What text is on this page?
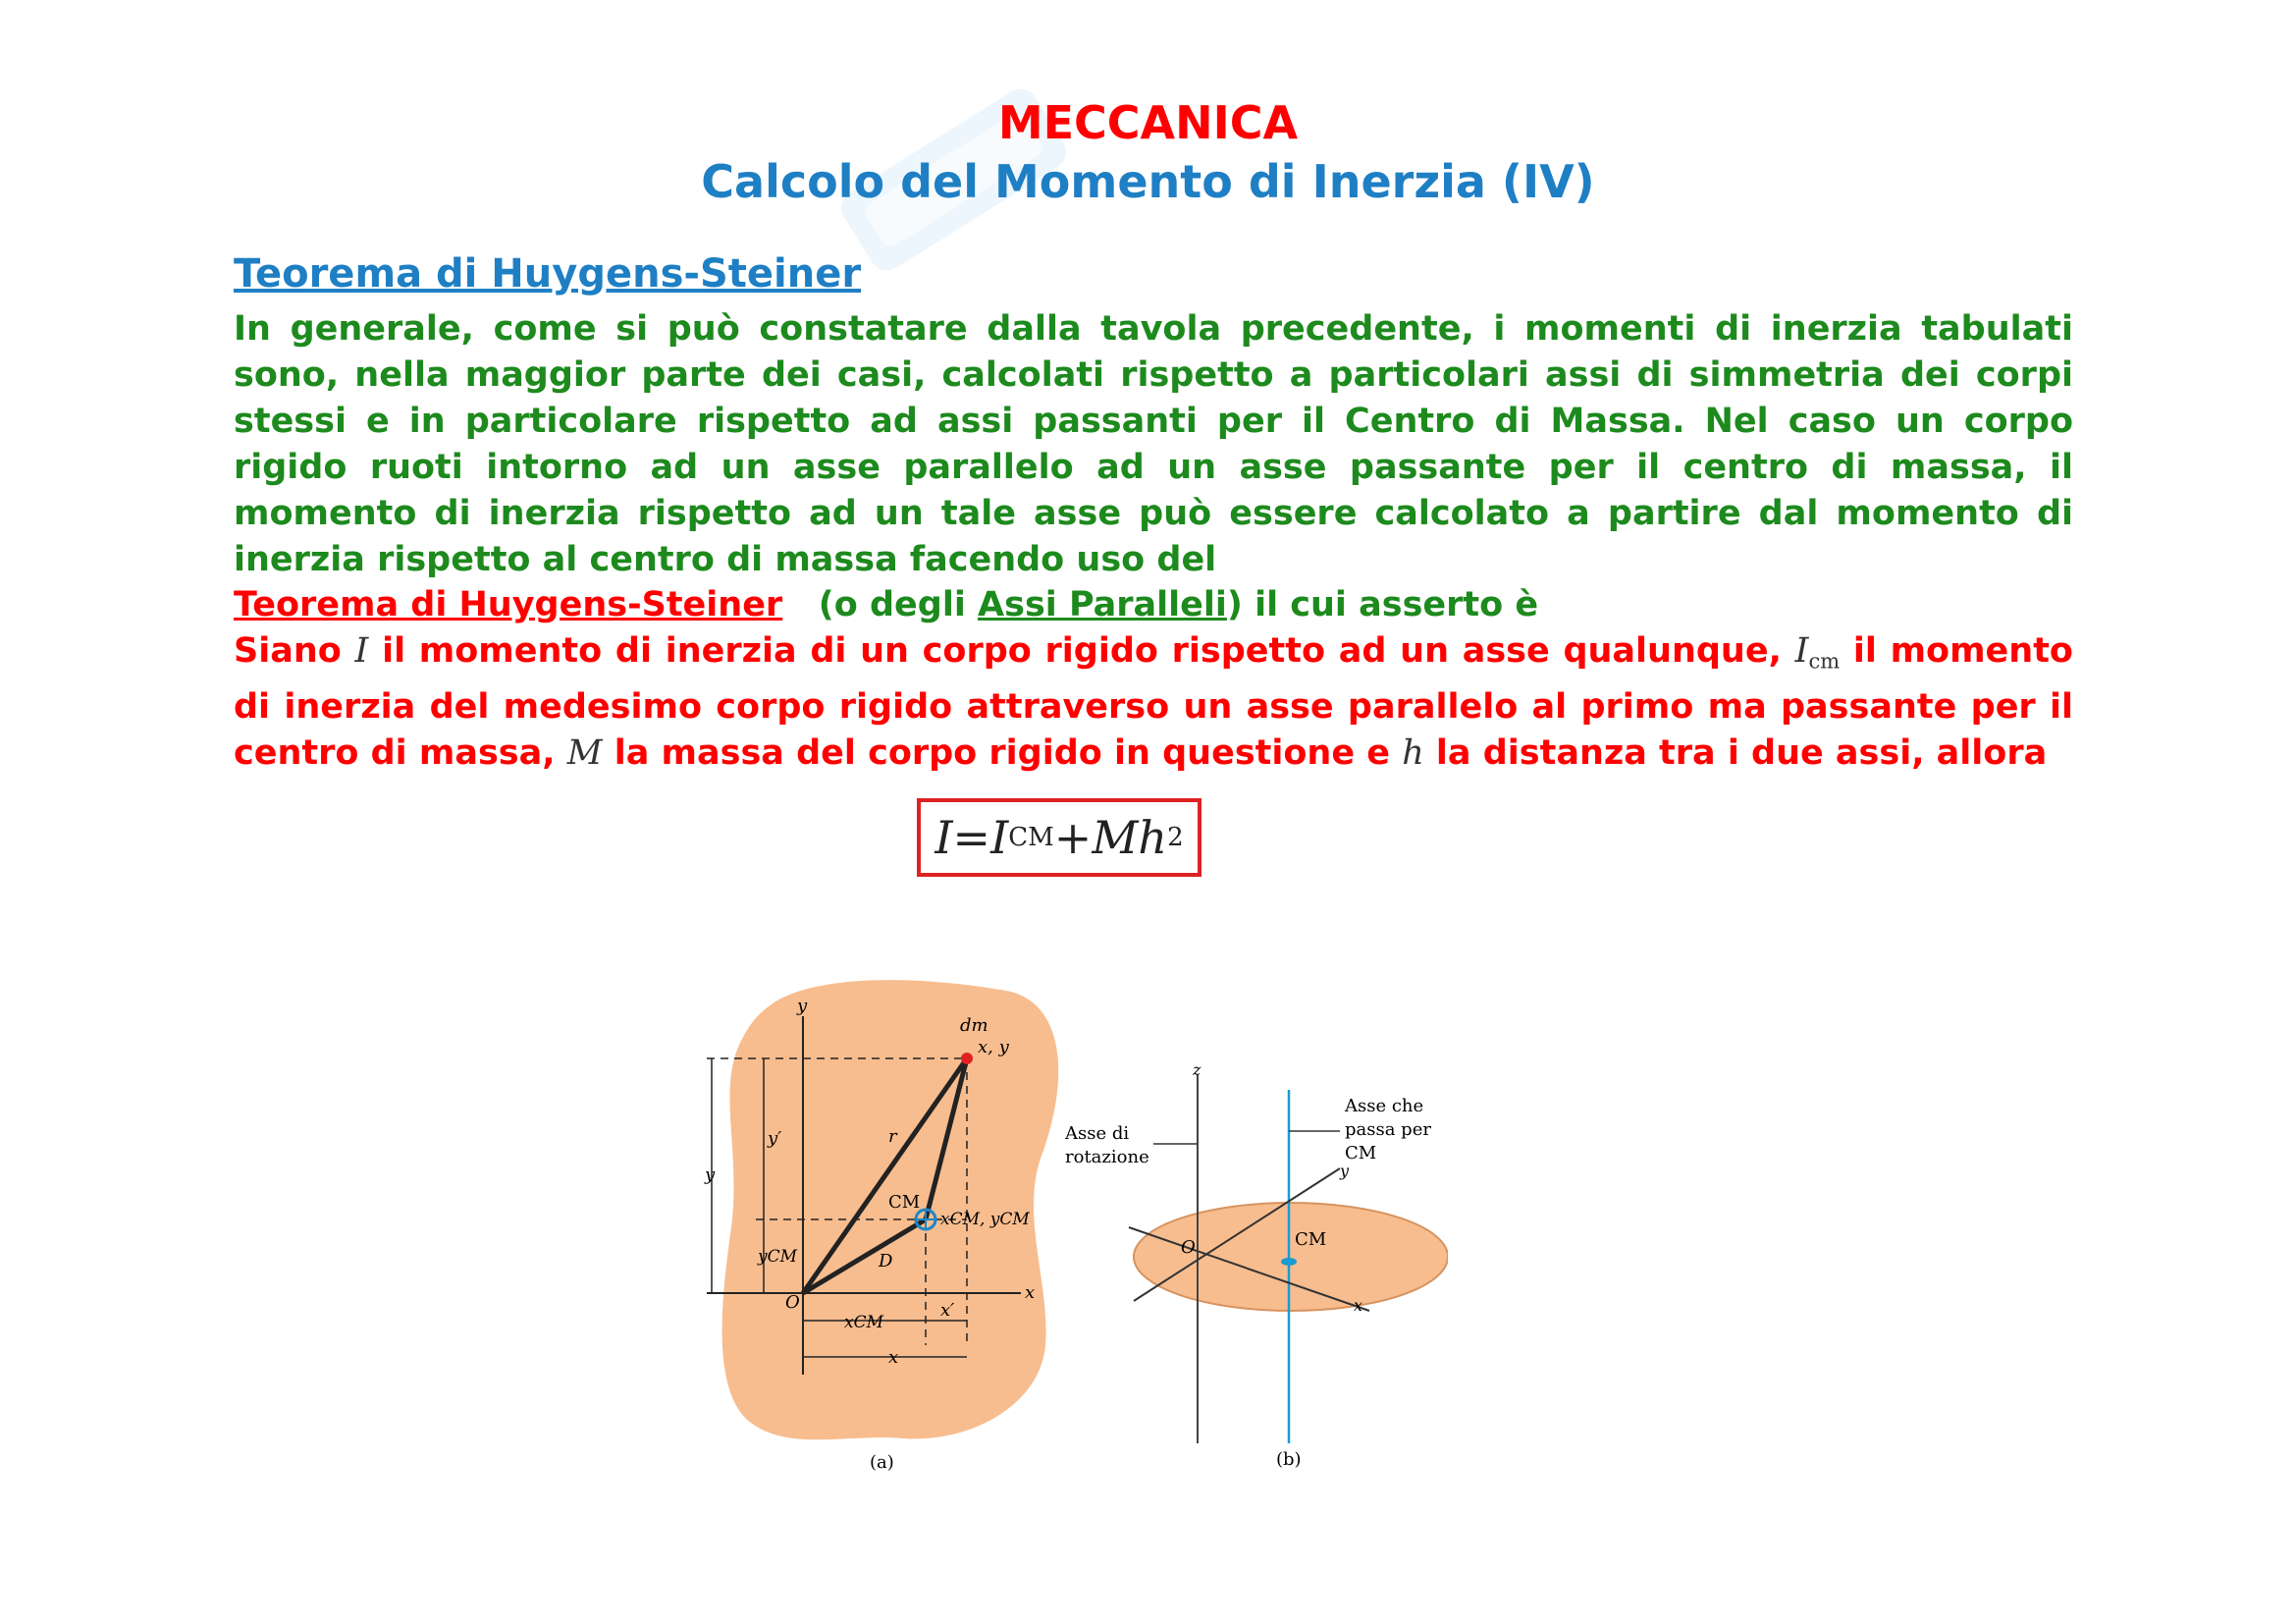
MECCANICA
Calcolo del Momento di Inerzia (IV)
Teorema di Huygens-Steiner
In generale, come si può constatare dalla tavola precedente, i momenti di inerzia tabulati sono, nella maggior parte dei casi, calcolati rispetto a particolari assi di simmetria dei corpi stessi e in particolare rispetto ad assi passanti per il Centro di Massa. Nel caso un corpo rigido ruoti intorno ad un asse parallelo ad un asse passante per il centro di massa, il momento di inerzia rispetto ad un tale asse può essere calcolato a partire dal momento di inerzia rispetto al centro di massa facendo uso del
Teorema di Huygens-Steiner (o degli Assi Paralleli) il cui asserto è
Siano I il momento di inerzia di un corpo rigido rispetto ad un asse qualunque, $I_{cm}$ il momento di inerzia del medesimo corpo rigido attraverso un asse parallelo al primo ma passante per il centro di massa, M la massa del corpo rigido in questione e h la distanza tra i due assi, allora
I = I CM + Mh 2
y
x
dm
x, y
r
CM
xCM, yCM
D
O
y′
y
yCM
xCM
x′
x
(a)
z
Asse di
rotazione
Asse che
passa per
CM
y
O	CM
x
(b)
